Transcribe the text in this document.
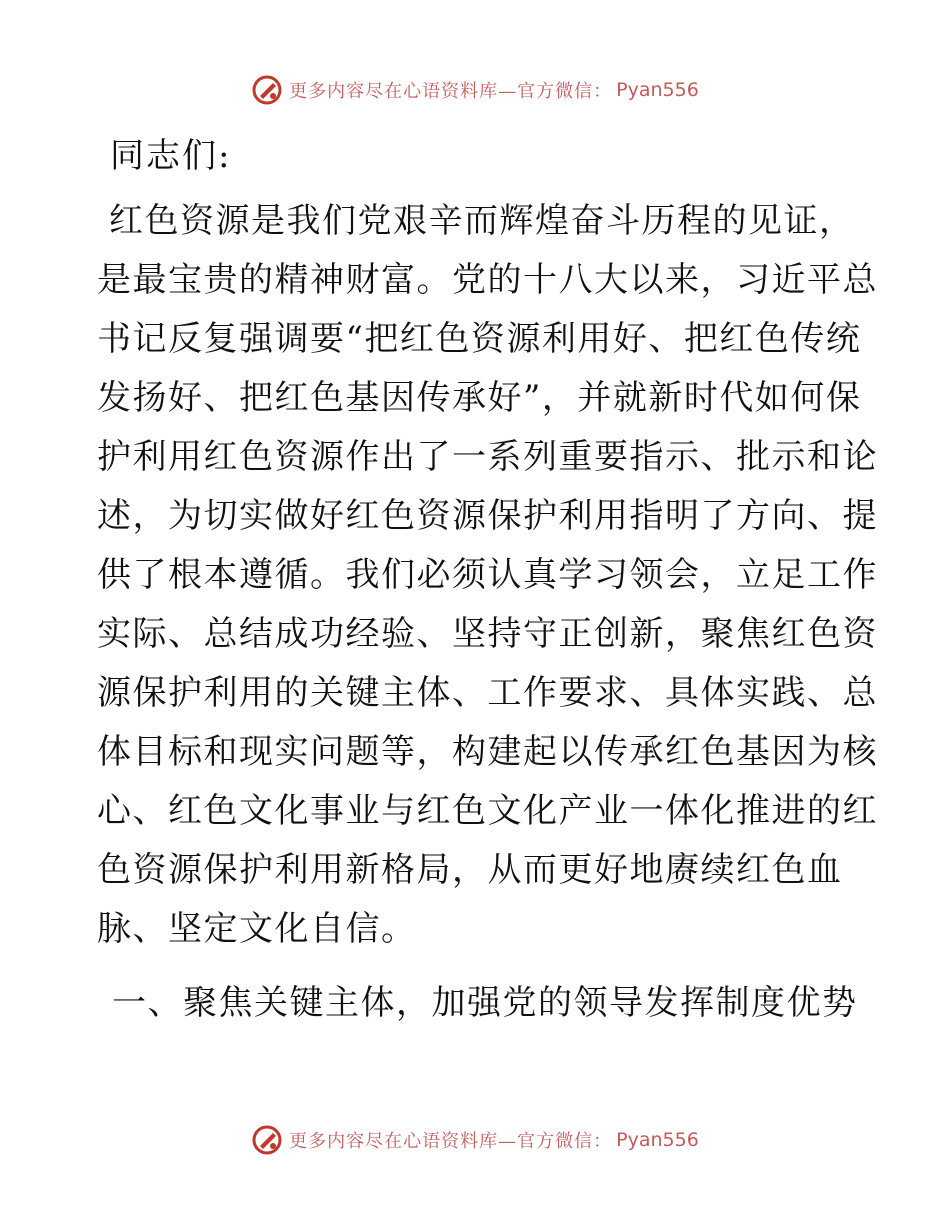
更多内容尽在心语资料库—官方微信： Pyan556
同志们:
红色资源是我们党艰辛而辉煌奋斗历程的见证，
是最宝贵的精神财富。党的十八大以来，习近平总
书记反复强调要“把红色资源利用好、把红色传统
发扬好、把红色基因传承好”，并就新时代如何保
护利用红色资源作出了一系列重要指示、批示和论
述，为切实做好红色资源保护利用指明了方向、提
供了根本遵循。我们必须认真学习领会，立足工作
实际、总结成功经验、坚持守正创新，聚焦红色资
源保护利用的关键主体、工作要求、具体实践、总
体目标和现实问题等，构建起以传承红色基因为核
心、红色文化事业与红色文化产业一体化推进的红
色资源保护利用新格局，从而更好地赓续红色血
脉、坚定文化自信。
一、聚焦关键主体，加强党的领导发挥制度优势
更多内容尽在心语资料库—官方微信： Pyan556
